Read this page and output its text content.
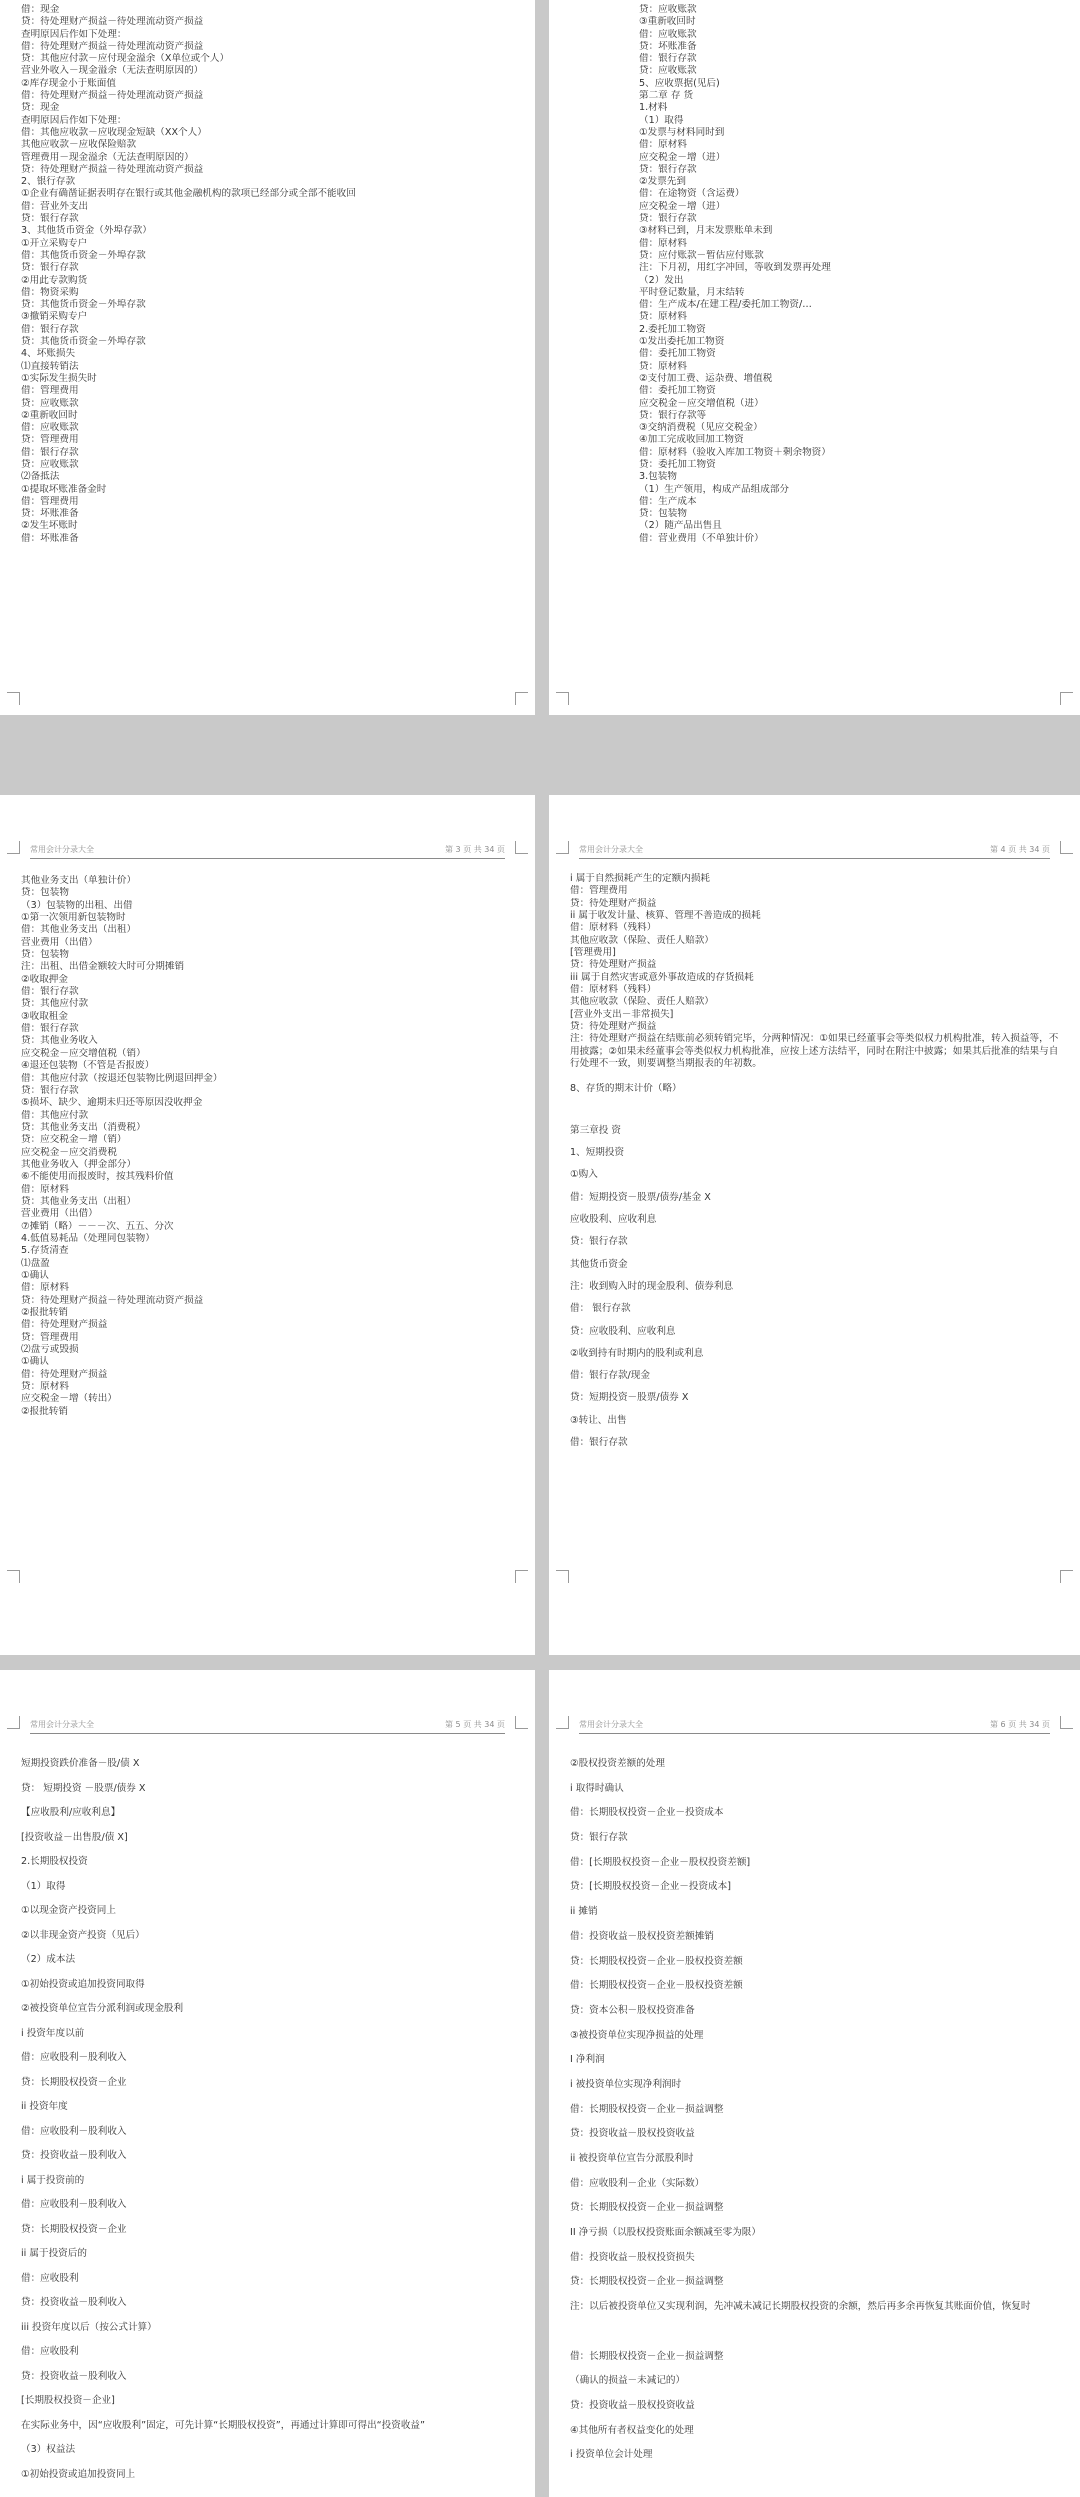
借：现金
贷：待处理财产损益－待处理流动资产损益
查明原因后作如下处理：
借：待处理财产损益－待处理流动资产损益
贷：其他应付款－应付现金溢余（X单位或个人）
营业外收入－现金溢余（无法查明原因的）
②库存现金小于账面值
借：待处理财产损益－待处理流动资产损益
贷：现金
查明原因后作如下处理：
借：其他应收款－应收现金短缺（XX个人）
其他应收款－应收保险赔款
管理费用－现金溢余（无法查明原因的）
贷：待处理财产损益－待处理流动资产损益
2、银行存款
①企业有确凿证据表明存在银行或其他金融机构的款项已经部分或全部不能收回
借：营业外支出
贷：银行存款
3、其他货币资金（外埠存款）
①开立采购专户
借：其他货币资金－外埠存款
贷：银行存款
②用此专款购货
借：物资采购
贷：其他货币资金－外埠存款
③撤销采购专户
借：银行存款
贷：其他货币资金－外埠存款
4、坏账损失
⑴直接转销法
①实际发生损失时
借：管理费用
贷：应收账款
②重新收回时
借：应收账款
贷：管理费用
借：银行存款
贷：应收账款
⑵备抵法
①提取坏账准备金时
借：管理费用
贷：坏账准备
②发生坏账时
借：坏账准备
贷：应收账款
③重新收回时
借：应收账款
贷：坏账准备
借：银行存款
贷：应收账款
5、应收票据(见后)
第二章 存 货
1.材料
（1）取得
①发票与材料同时到
借：原材料
应交税金－增（进）
贷：银行存款
②发票先到
借：在途物资（含运费）
应交税金－增（进）
贷：银行存款
③材料已到，月末发票账单未到
借：原材料
贷：应付账款－暂估应付账款
注：下月初，用红字冲回，等收到发票再处理
（2）发出
平时登记数量，月末结转
借：生产成本/在建工程/委托加工物资/…
贷：原材料
2.委托加工物资
①发出委托加工物资
借：委托加工物资
贷：原材料
②支付加工费、运杂费、增值税
借：委托加工物资
应交税金－应交增值税（进）
贷：银行存款等
③交纳消费税（见应交税金）
④加工完成收回加工物资
借：原材料（验收入库加工物资＋剩余物资）
贷：委托加工物资
3.包装物
（1）生产领用，构成产品组成部分
借：生产成本
贷：包装物
（2）随产品出售且
借：营业费用（不单独计价）
常用会计分录大全	第 3 页 共 34 页
其他业务支出（单独计价）
贷：包装物
（3）包装物的出租、出借
①第一次领用新包装物时
借：其他业务支出（出租）
营业费用（出借）
贷：包装物
注：出租、出借金额较大时可分期摊销
②收取押金
借：银行存款
贷：其他应付款
③收取租金
借：银行存款
贷：其他业务收入
应交税金－应交增值税（销）
④退还包装物（不管是否报废）
借：其他应付款（按退还包装物比例退回押金）
贷：银行存款
⑤损坏、缺少、逾期未归还等原因没收押金
借：其他应付款
贷：其他业务支出（消费税）
贷：应交税金－增（销）
应交税金－应交消费税
其他业务收入（押金部分）
⑥不能使用而报废时，按其残料价值
借：原材料
贷：其他业务支出（出租）
营业费用（出借）
⑦摊销（略）－－－次、五五、分次
4.低值易耗品（处理同包装物）
5.存货清查
⑴盘盈
①确认
借：原材料
贷：待处理财产损益－待处理流动资产损益
②报批转销
借：待处理财产损益
贷：管理费用
⑵盘亏或毁损
①确认
借：待处理财产损益
贷：原材料
应交税金－增（转出）
②报批转销
常用会计分录大全	第 4 页 共 34 页
i 属于自然损耗产生的定额内损耗
借：管理费用
贷：待处理财产损益
ii 属于收发计量、核算、管理不善造成的损耗
借：原材料（残料）
其他应收款（保险、责任人赔款）
[管理费用]
贷：待处理财产损益
iii 属于自然灾害或意外事故造成的存货损耗
借：原材料（残料）
其他应收款（保险、责任人赔款）
[营业外支出－非常损失]
贷：待处理财产损益
注：待处理财产损益在结账前必须转销完毕，分两种情况：①如果已经董事会等类似权力机构批准，转入损益等，不用披露；②如果未经董事会等类似权力机构批准，应按上述方法结平，同时在附注中披露；如果其后批准的结果与自行处理不一致，则要调整当期报表的年初数。
8、存货的期末计价（略）
第三章投 资
1、短期投资
①购入
借：短期投资－股票/债券/基金 X
应收股利、应收利息
贷：银行存款
其他货币资金
注：收到购入时的现金股利、债券利息
借： 银行存款
贷：应收股利、应收利息
②收到持有时期内的股利或利息
借：银行存款/现金
贷：短期投资－股票/债券 X
③转让、出售
借：银行存款
常用会计分录大全	第 5 页 共 34 页
短期投资跌价准备－股/债 X
贷： 短期投资 －股票/债券 X
【应收股利/应收利息】
[投资收益－出售股/债 X]
2.长期股权投资
（1）取得
①以现金资产投资同上
②以非现金资产投资（见后）
（2）成本法
①初始投资或追加投资同取得
②被投资单位宣告分派利润或现金股利
i 投资年度以前
借：应收股利－股利收入
贷：长期股权投资－企业
ii 投资年度
借：应收股利－股利收入
贷：投资收益－股利收入
i 属于投资前的
借：应收股利－股利收入
贷：长期股权投资－企业
ii 属于投资后的
借：应收股利
贷：投资收益－股利收入
iii 投资年度以后（按公式计算）
借：应收股利
贷：投资收益－股利收入
[长期股权投资－企业]
在实际业务中，因“应收股利”固定，可先计算“长期股权投资”，再通过计算即可得出“投资收益”
（3）权益法
①初始投资或追加投资同上
常用会计分录大全	第 6 页 共 34 页
②股权投资差额的处理
i 取得时确认
借：长期股权投资－企业－投资成本
贷：银行存款
借：[长期股权投资－企业－股权投资差额]
贷：[长期股权投资－企业－投资成本]
ii 摊销
借：投资收益－股权投资差额摊销
贷：长期股权投资－企业－股权投资差额
借：长期股权投资－企业－股权投资差额
贷：资本公积－股权投资准备
③被投资单位实现净损益的处理
I 净利润
i 被投资单位实现净利润时
借：长期股权投资－企业－损益调整
贷：投资收益－股权投资收益
ii 被投资单位宣告分派股利时
借：应收股利－企业（实际数）
贷：长期股权投资－企业－损益调整
II 净亏损（以股权投资账面余额减至零为限）
借：投资收益－股权投资损失
贷：长期股权投资－企业－损益调整
注：以后被投资单位又实现利润，先冲减未减记长期股权投资的余额，然后再多余再恢复其账面价值，恢复时
借：长期股权投资－企业－损益调整
（确认的损益－未减记的）
贷：投资收益－股权投资收益
④其他所有者权益变化的处理
i 投资单位会计处理
